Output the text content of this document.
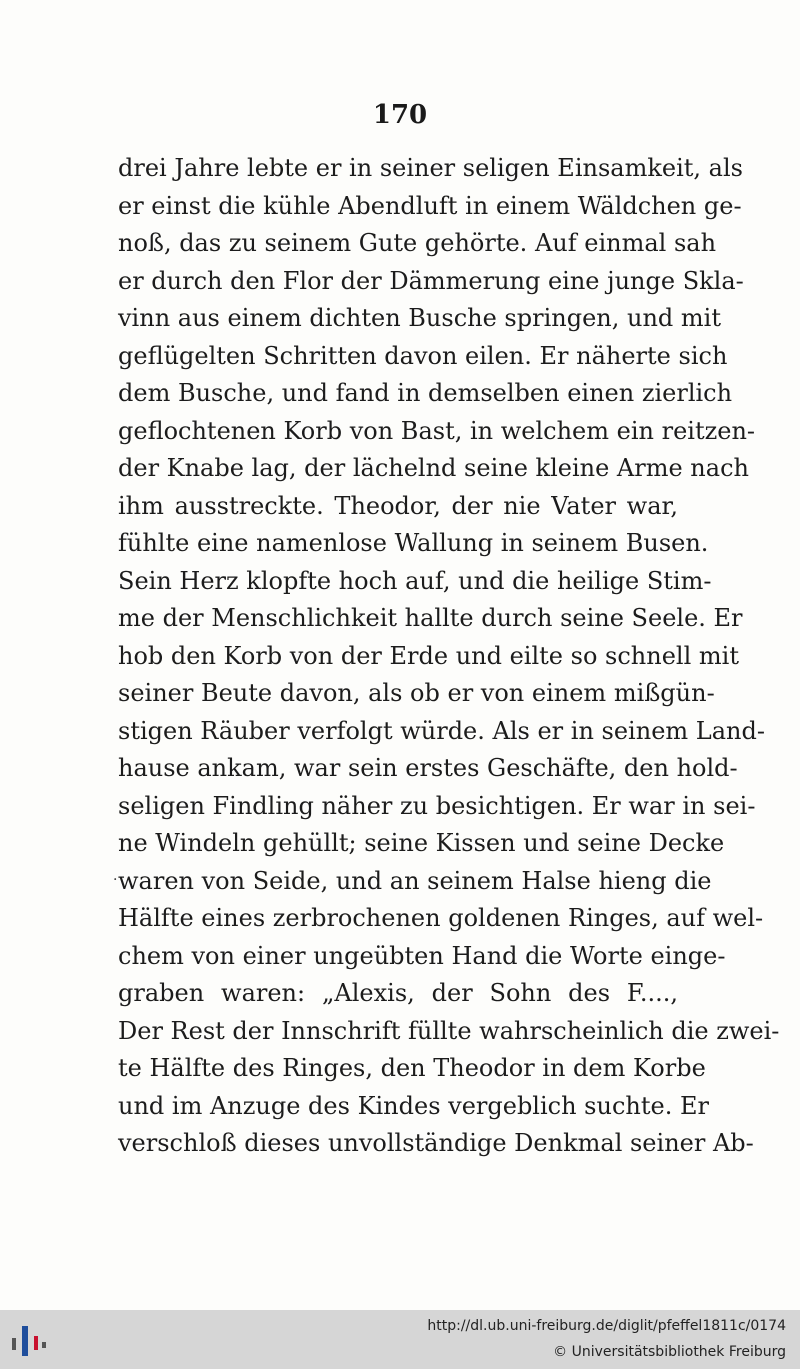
170
drei Jahre lebte er in seiner seligen Einsamkeit, als
er einst die kühle Abendluft in einem Wäldchen ge-
noß, das zu seinem Gute gehörte. Auf einmal sah
er durch den Flor der Dämmerung eine junge Skla-
vinn aus einem dichten Busche springen, und mit
geflügelten Schritten davon eilen. Er näherte sich
dem Busche, und fand in demselben einen zierlich
geflochtenen Korb von Bast, in welchem ein reitzen-
der Knabe lag, der lächelnd seine kleine Arme nach
ihm ausstreckte. Theodor, der nie Vater war,
fühlte eine namenlose Wallung in seinem Busen.
Sein Herz klopfte hoch auf, und die heilige Stim-
me der Menschlichkeit hallte durch seine Seele. Er
hob den Korb von der Erde und eilte so schnell mit
seiner Beute davon, als ob er von einem mißgün-
stigen Räuber verfolgt würde. Als er in seinem Land-
hause ankam, war sein erstes Geschäfte, den hold-
seligen Findling näher zu besichtigen. Er war in sei-
ne Windeln gehüllt; seine Kissen und seine Decke
waren von Seide, und an seinem Halse hieng die
Hälfte eines zerbrochenen goldenen Ringes, auf wel-
chem von einer ungeübten Hand die Worte einge-
graben waren: „Alexis, der Sohn des F....,
Der Rest der Innschrift füllte wahrscheinlich die zwei-
te Hälfte des Ringes, den Theodor in dem Korbe
und im Anzuge des Kindes vergeblich suchte. Er
verschloß dieses unvollständige Denkmal seiner Ab-
·
http://dl.ub.uni-freiburg.de/diglit/pfeffel1811c/0174
© Universitätsbibliothek Freiburg
